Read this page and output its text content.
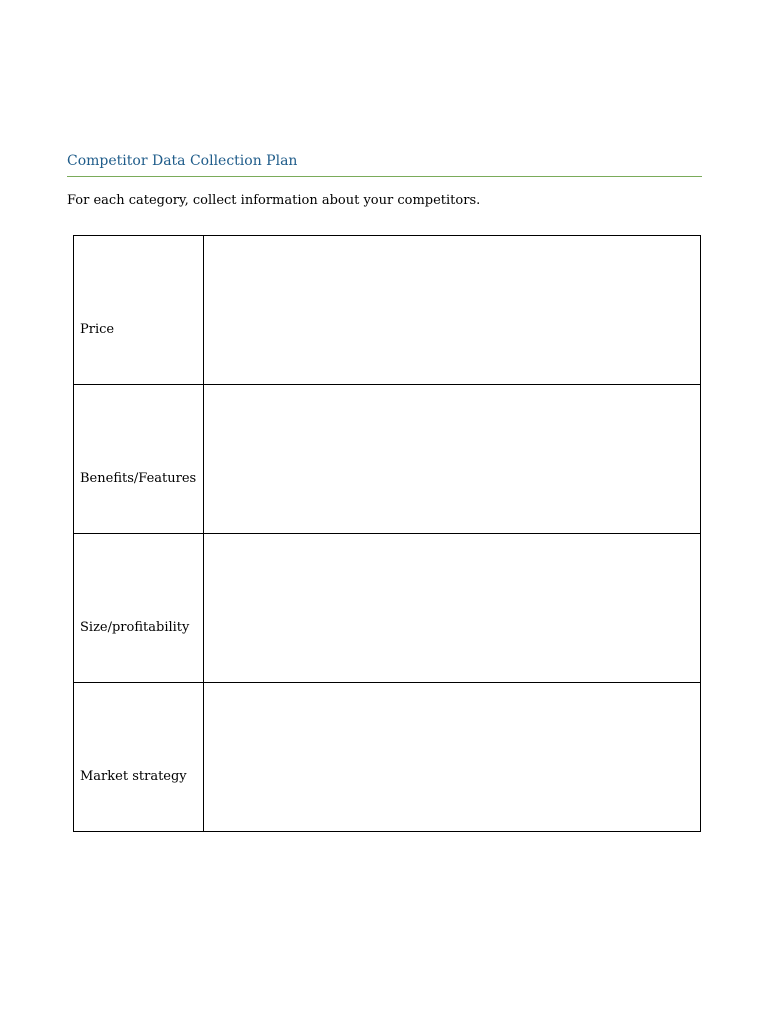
Competitor Data Collection Plan

For each category, collect information about your competitors.

Price	

Benefits/Features	

Size/profitability	

Market strategy	
